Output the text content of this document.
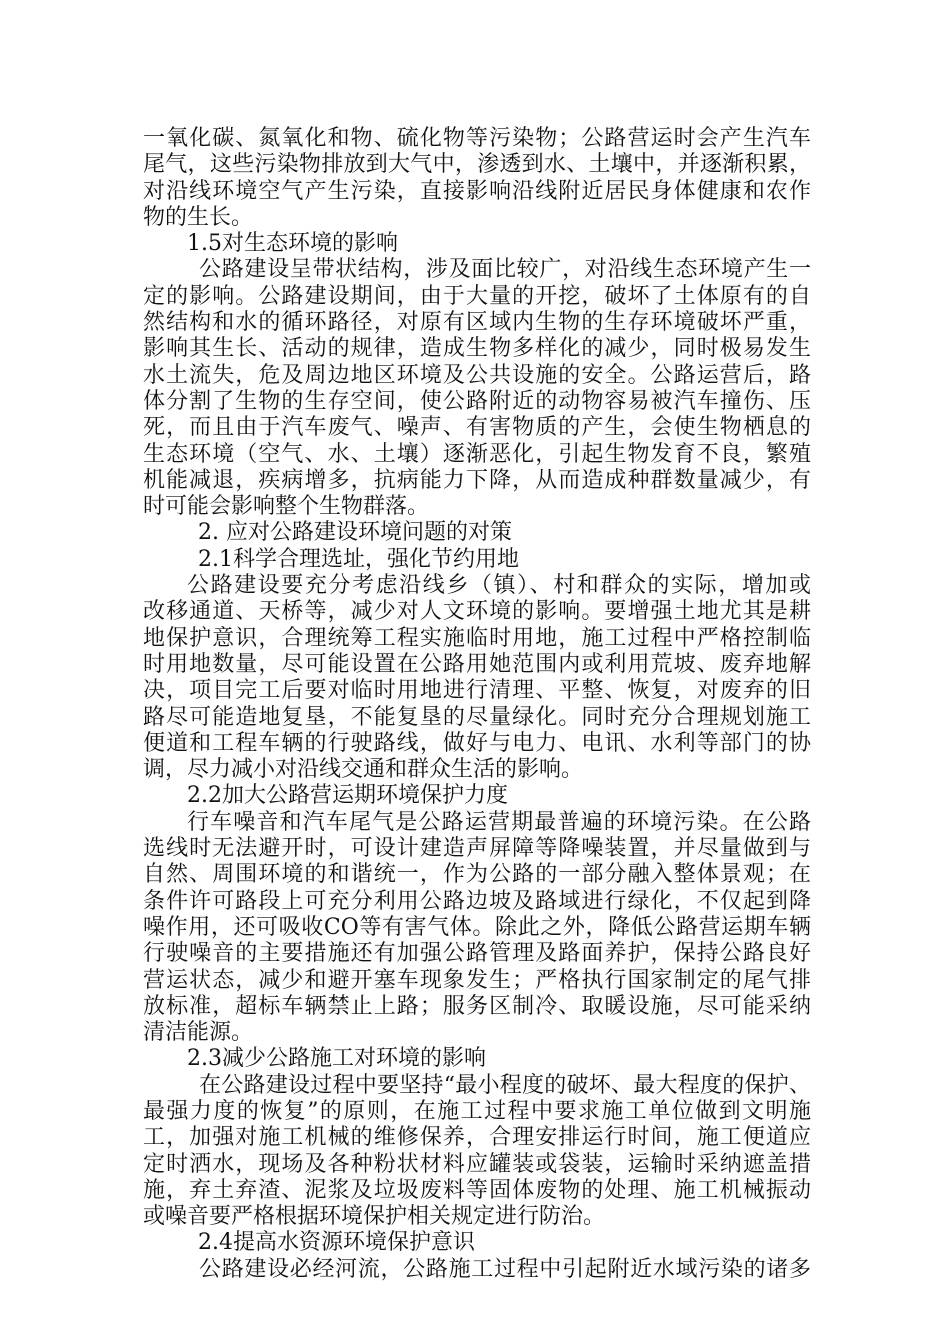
一氧化碳、氮氧化和物、硫化物等污染物；公路营运时会产生汽车
尾气，这些污染物排放到大气中，渗透到水、土壤中，并逐渐积累，
对沿线环境空气产生污染，直接影响沿线附近居民身体健康和农作
物的生长。
1.5对生态环境的影响
公路建设呈带状结构，涉及面比较广，对沿线生态环境产生一
定的影响。公路建设期间，由于大量的开挖，破坏了土体原有的自
然结构和水的循环路径，对原有区域内生物的生存环境破坏严重，
影响其生长、活动的规律，造成生物多样化的减少，同时极易发生
水土流失，危及周边地区环境及公共设施的安全。公路运营后，路
体分割了生物的生存空间，使公路附近的动物容易被汽车撞伤、压
死，而且由于汽车废气、噪声、有害物质的产生，会使生物栖息的
生态环境（空气、水、土壤）逐渐恶化，引起生物发育不良，繁殖
机能减退，疾病增多，抗病能力下降，从而造成种群数量减少，有
时可能会影响整个生物群落。
2. 应对公路建设环境问题的对策
2.1科学合理选址，强化节约用地
公路建设要充分考虑沿线乡（镇）、村和群众的实际，增加或
改移通道、天桥等，减少对人文环境的影响。要增强土地尤其是耕
地保护意识，合理统筹工程实施临时用地，施工过程中严格控制临
时用地数量，尽可能设置在公路用她范围内或利用荒坡、废弃地解
决，项目完工后要对临时用地进行清理、平整、恢复，对废弃的旧
路尽可能造地复垦，不能复垦的尽量绿化。同时充分合理规划施工
便道和工程车辆的行驶路线，做好与电力、电讯、水利等部门的协
调，尽力减小对沿线交通和群众生活的影响。
2.2加大公路营运期环境保护力度
行车噪音和汽车尾气是公路运营期最普遍的环境污染。在公路
选线时无法避开时，可设计建造声屏障等降噪装置，并尽量做到与
自然、周围环境的和谐统一，作为公路的一部分融入整体景观；在
条件许可路段上可充分利用公路边坡及路域进行绿化，不仅起到降
噪作用，还可吸收CO等有害气体。除此之外，降低公路营运期车辆
行驶噪音的主要措施还有加强公路管理及路面养护，保持公路良好
营运状态，减少和避开塞车现象发生；严格执行国家制定的尾气排
放标准，超标车辆禁止上路；服务区制冷、取暖设施，尽可能采纳
清洁能源。
2.3减少公路施工对环境的影响
在公路建设过程中要坚持“最小程度的破坏、最大程度的保护、
最强力度的恢复”的原则，在施工过程中要求施工单位做到文明施
工，加强对施工机械的维修保养，合理安排运行时间，施工便道应
定时洒水，现场及各种粉状材料应罐装或袋装，运输时采纳遮盖措
施，弃土弃渣、泥浆及垃圾废料等固体废物的处理、施工机械振动
或噪音要严格根据环境保护相关规定进行防治。
2.4提高水资源环境保护意识
公路建设必经河流，公路施工过程中引起附近水域污染的诸多
